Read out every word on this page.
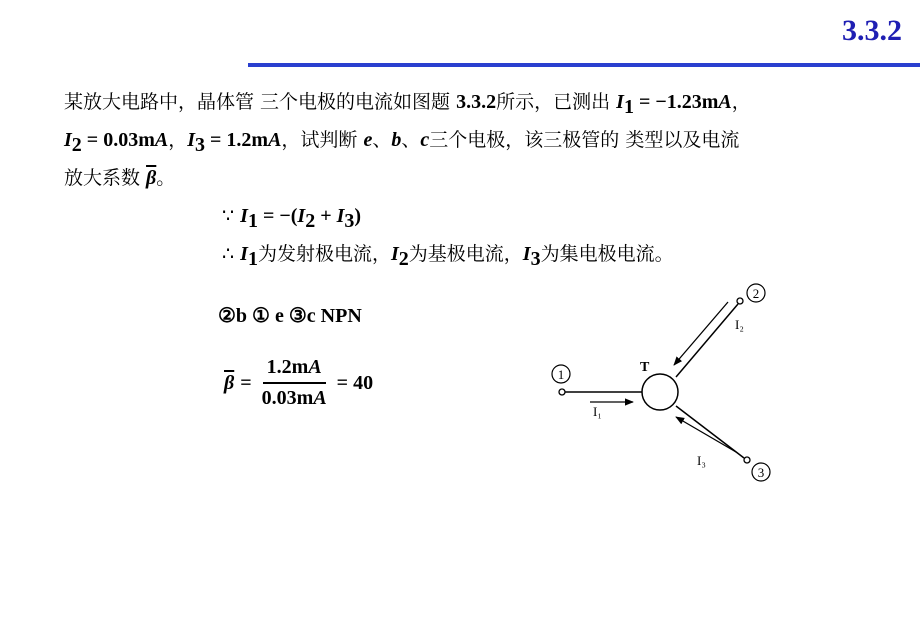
3.3.2
某放大电路中，晶体管 三个电极的电流如图题 3.3.2所示，已测出 $I_1 = -1.23mA$，
$I_2 = 0.03mA$，$I_3 = 1.2mA$，试判断 e、b、c三个电极，该三极管的 类型以及电流
放大系数 $\overline{\beta}$。
∵ $I_1 = -(I_2 + I_3)$
∴ $I_1$为发射极电流，$I_2$为基极电流，$I_3$为集电极电流。
②b ① e ③c NPN
$\overline{\beta} = \frac{1.2mA}{0.03mA} = 40$
T
I₁
I₂
I₃
1
2
3
